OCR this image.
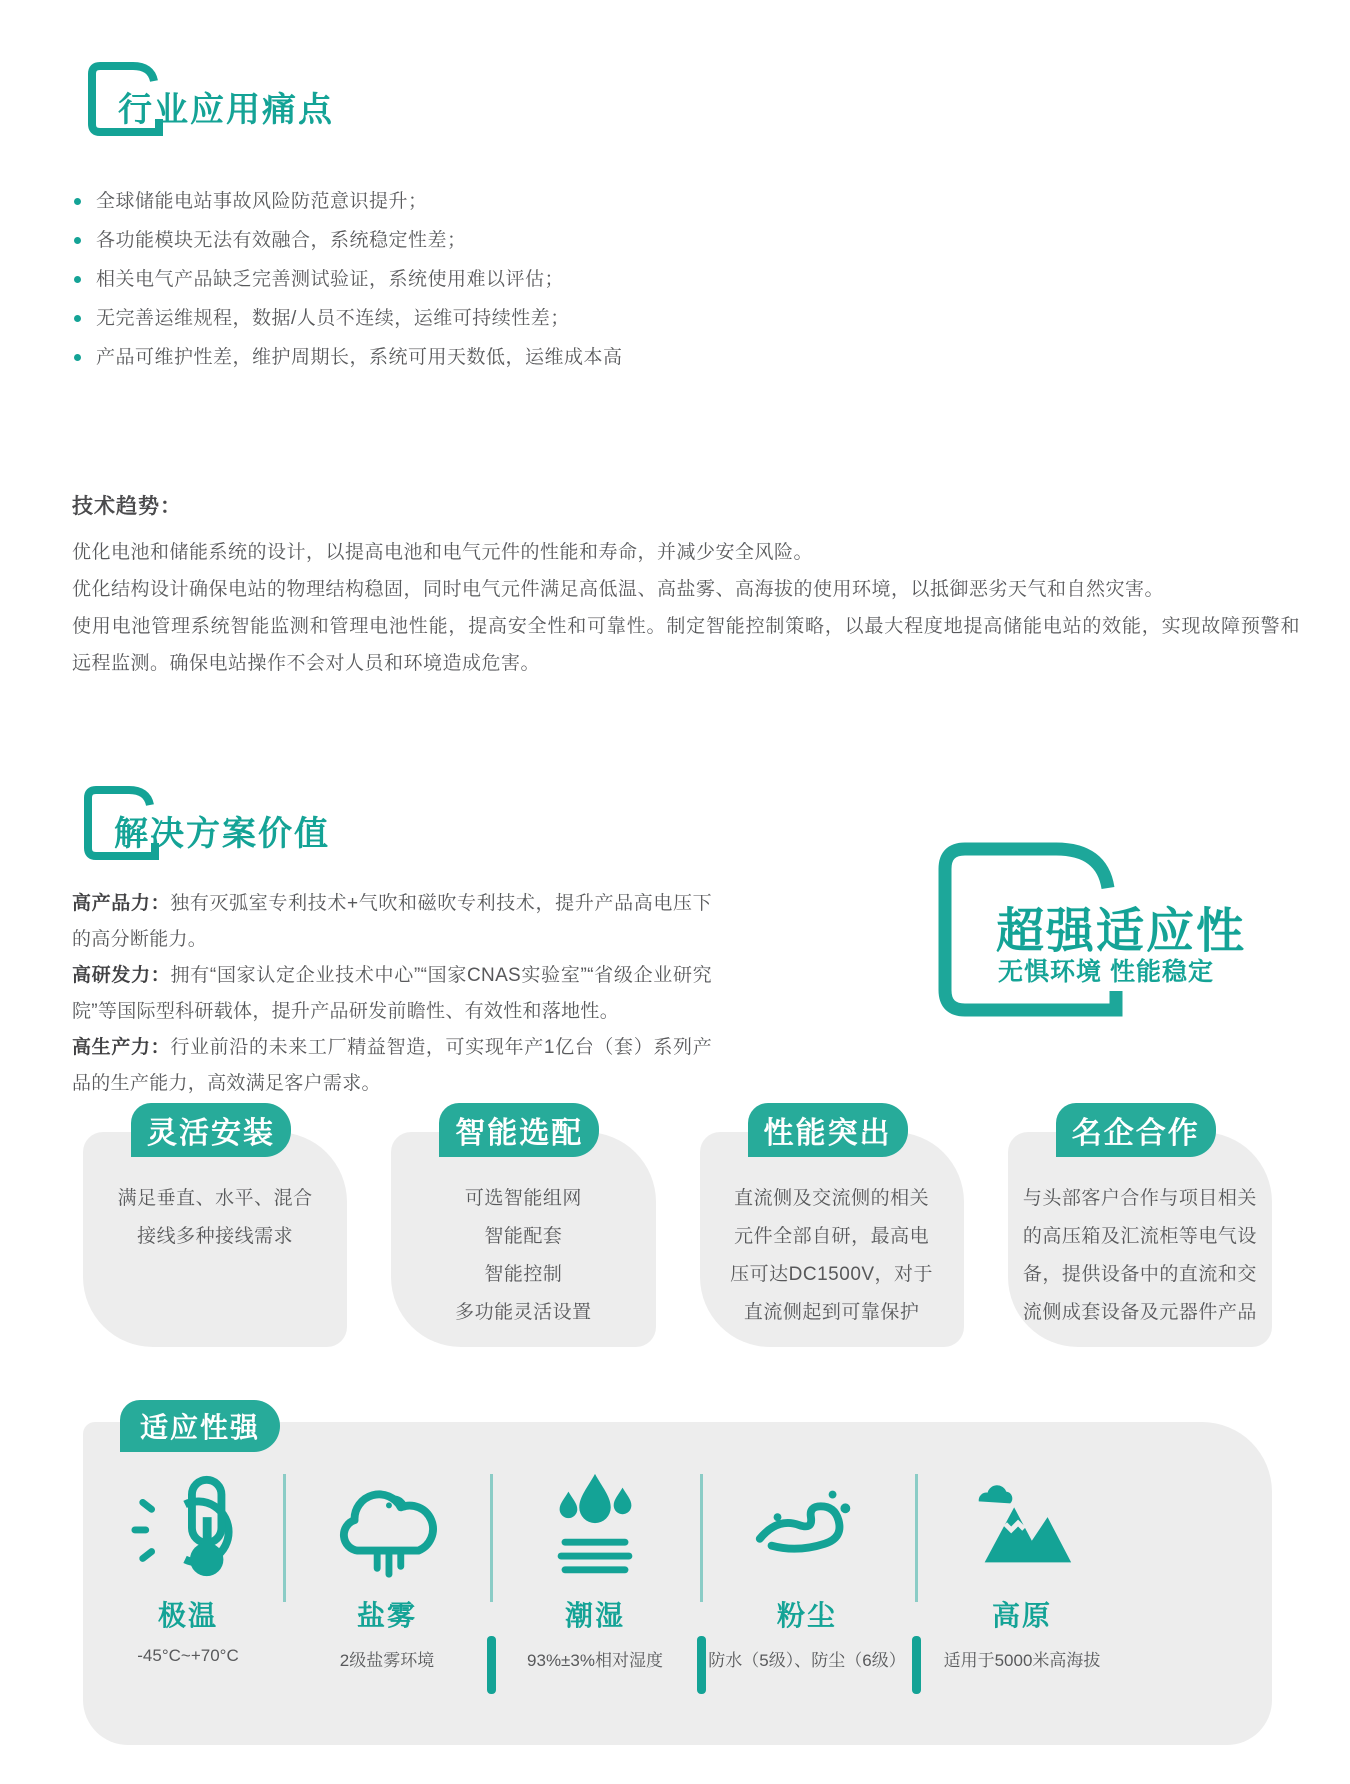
行业应用痛点
全球储能电站事故风险防范意识提升；
各功能模块无法有效融合，系统稳定性差；
相关电气产品缺乏完善测试验证，系统使用难以评估；
无完善运维规程，数据/人员不连续，运维可持续性差；
产品可维护性差，维护周期长，系统可用天数低，运维成本高
技术趋势：

优化电池和储能系统的设计，以提高电池和电气元件的性能和寿命，并减少安全风险。

优化结构设计确保电站的物理结构稳固，同时电气元件满足高低温、高盐雾、高海拔的使用环境，以抵御恶劣天气和自然灾害。

使用电池管理系统智能监测和管理电池性能，提高安全性和可靠性。制定智能控制策略，以最大程度地提高储能电站的效能，实现故障预警和远程监测。确保电站操作不会对人员和环境造成危害。

解决方案价值

高产品力：独有灭弧室专利技术+气吹和磁吹专利技术，提升产品高电压下的高分断能力。

高研发力：拥有“国家认定企业技术中心”“国家CNAS实验室”“省级企业研究院”等国际型科研载体，提升产品研发前瞻性、有效性和落地性。

高生产力：行业前沿的未来工厂精益智造，可实现年产1亿台（套）系列产品的生产能力，高效满足客户需求。

超强适应性
无惧环境 性能稳定
灵活安装
满足垂直、水平、混合
接线多种接线需求
智能选配
可选智能组网
智能配套
智能控制
多功能灵活设置
性能突出
直流侧及交流侧的相关
元件全部自研，最高电
压可达DC1500V，对于
直流侧起到可靠保护
名企合作
与头部客户合作与项目相关
的高压箱及汇流柜等电气设
备，提供设备中的直流和交
流侧成套设备及元器件产品
适应性强
极温
-45°C~+70°C
盐雾
2级盐雾环境
潮湿
93%±3%相对湿度
粉尘
防水（5级）、防尘（6级）
高原
适用于5000米高海拔
